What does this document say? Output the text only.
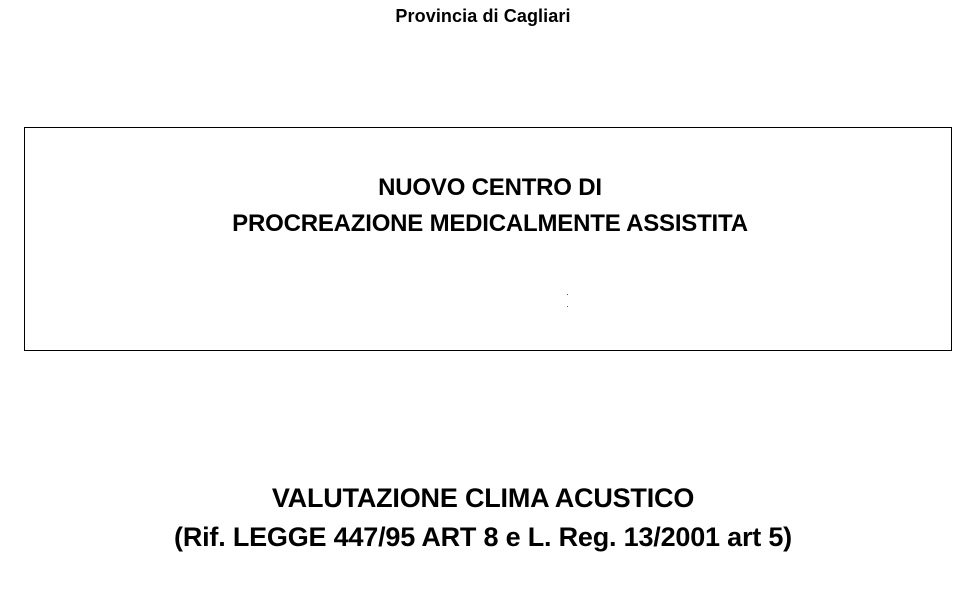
Provincia di Cagliari
NUOVO CENTRO DI
PROCREAZIONE MEDICALMENTE ASSISTITA
VALUTAZIONE CLIMA ACUSTICO
(Rif. LEGGE 447/95 ART 8 e L. Reg. 13/2001 art 5)
